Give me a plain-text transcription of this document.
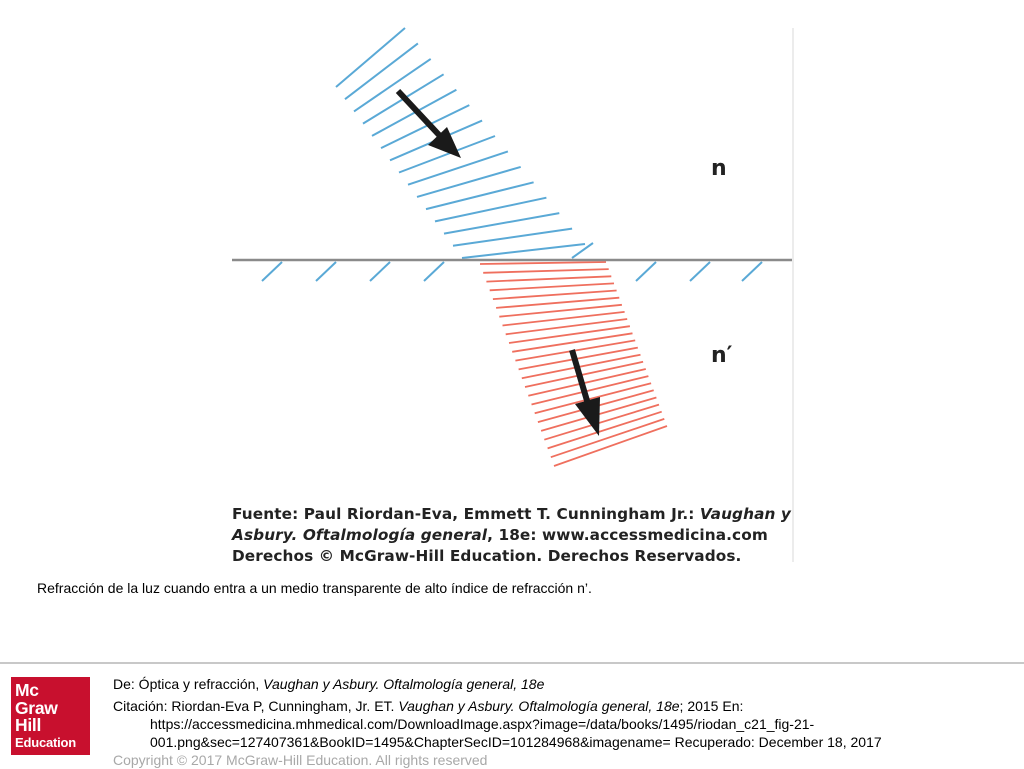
n
n′
Fuente: Paul Riordan-Eva, Emmett T. Cunningham Jr.: Vaughan y
Asbury. Oftalmología general, 18e: www.accessmedicina.com
Derechos © McGraw-Hill Education. Derechos Reservados.
Refracción de la luz cuando entra a un medio transparente de alto índice de refracción n’.
Mc
Graw
Hill
Education
De: Óptica y refracción, Vaughan y Asbury. Oftalmología general, 18e
Citación: Riordan-Eva P, Cunningham, Jr. ET. Vaughan y Asbury. Oftalmología general, 18e; 2015 En:
https://accessmedicina.mhmedical.com/DownloadImage.aspx?image=/data/books/1495/riodan_c21_fig-21-
001.png&sec=127407361&BookID=1495&ChapterSecID=101284968&imagename= Recuperado: December 18, 2017
Copyright © 2017 McGraw-Hill Education. All rights reserved
